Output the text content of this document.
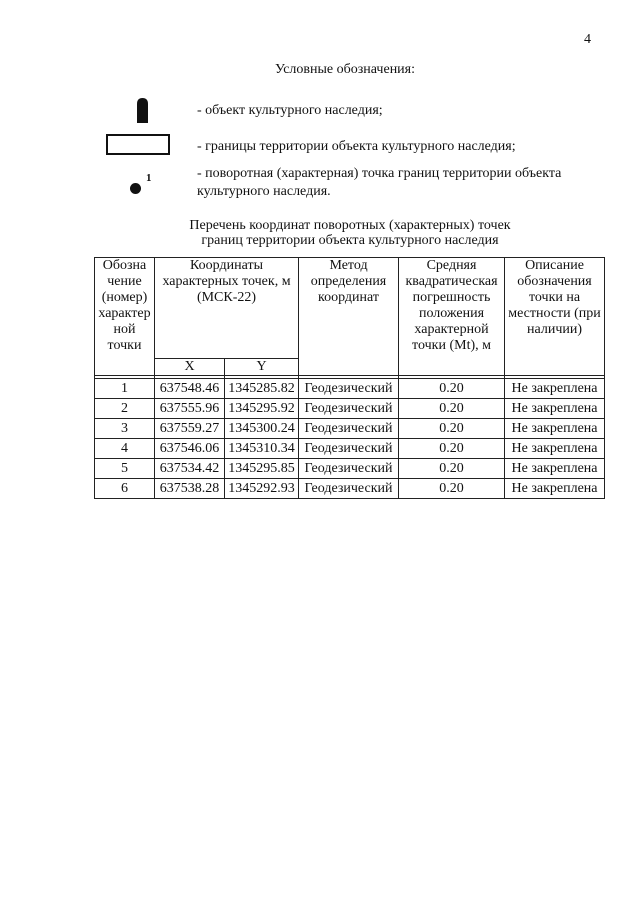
4
Условные обозначения:
- объект культурного наследия;
- границы территории объекта культурного наследия;
1	- поворотная (характерная) точка границ территории объекта культурного наследия.
Перечень координат поворотных (характерных) точек
границ территории объекта культурного наследия
Обозна чение (номер) характер ной точки	Координаты характерных точек, м (МСК-22)		Метод определения координат	Средняя квадратическая погрешность положения характерной точки (Mt), м	Описание обозначения точки на местности (при наличии)
	X	Y			

1	637548.46	1345285.82	Геодезический	0.20	Не закреплена
2	637555.96	1345295.92	Геодезический	0.20	Не закреплена
3	637559.27	1345300.24	Геодезический	0.20	Не закреплена
4	637546.06	1345310.34	Геодезический	0.20	Не закреплена
5	637534.42	1345295.85	Геодезический	0.20	Не закреплена
6	637538.28	1345292.93	Геодезический	0.20	Не закреплена
